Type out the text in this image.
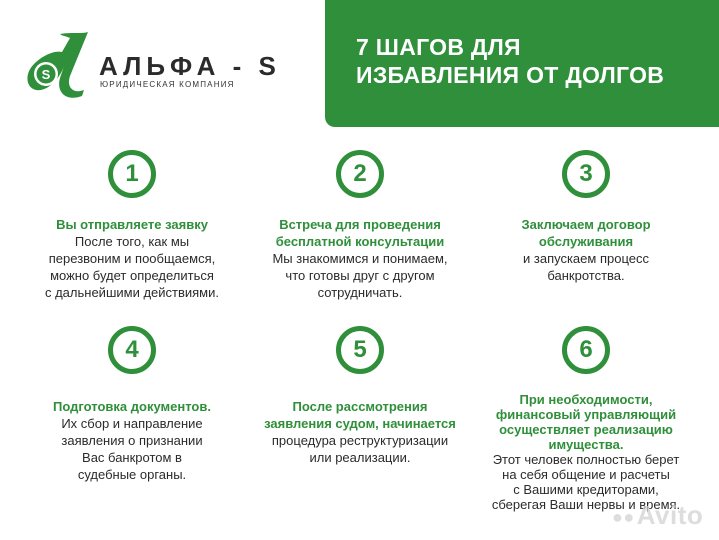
S АЛЬФА - S
ЮРИДИЧЕСКАЯ КОМПАНИЯ
7 ШАГОВ ДЛЯ
ИЗБАВЛЕНИЯ ОТ ДОЛГОВ
1
Вы отправляете заявку
После того, как мы
перезвоним и пообщаемся,
можно будет определиться
с дальнейшими действиями.
2
Встреча для проведения
бесплатной консультации
Мы знакомимся и понимаем,
что готовы друг с другом
сотрудничать.
3
Заключаем договор
обслуживания
и запускаем процесс
банкротства.
4
Подготовка документов.
Их сбор и направление
заявления о признании
Вас банкротом в
судебные органы.
5
После рассмотрения
заявления судом, начинается
процедура реструктуризации
или реализации.
6
При необходимости,
финансовый управляющий
осуществляет реализацию
имущества.
Этот человек полностью берет
на себя общение и расчеты
с Вашими кредиторами,
сберегая Ваши нервы и время.
●●Avito
